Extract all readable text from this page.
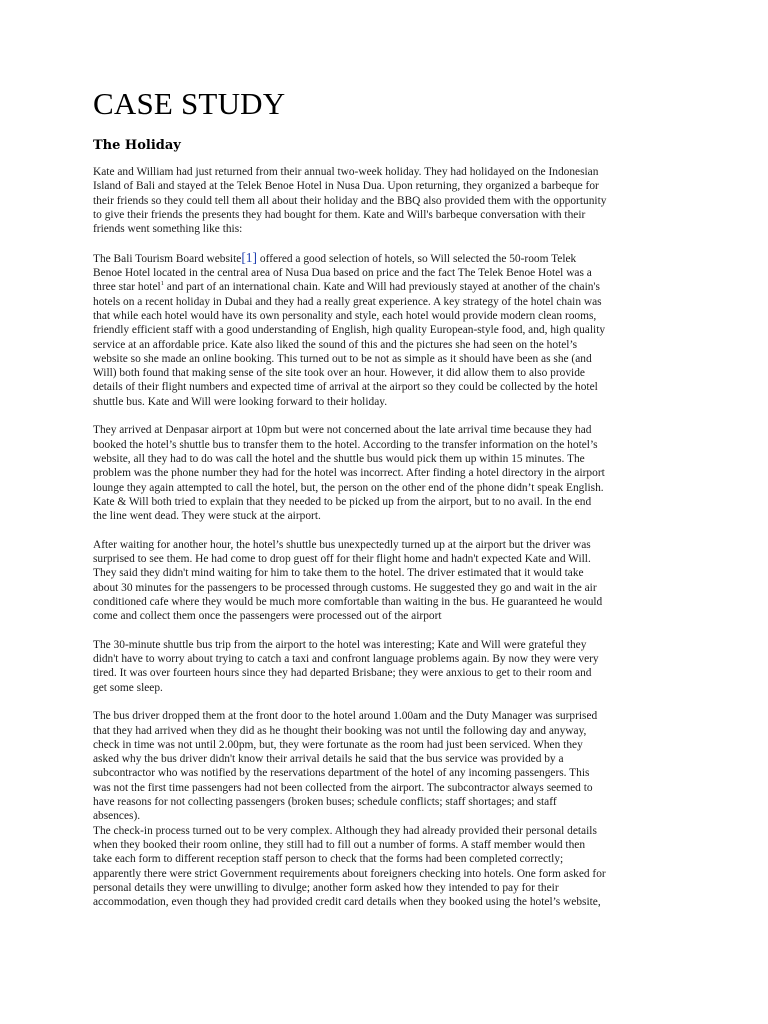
CASE STUDY
The Holiday

Kate and William had just returned from their annual two-week holiday. They had holidayed on the Indonesian
Island of Bali and stayed at the Telek Benoe Hotel in Nusa Dua. Upon returning, they organized a barbeque for
their friends so they could tell them all about their holiday and the BBQ also provided them with the opportunity
to give their friends the presents they had bought for them. Kate and Will's barbeque conversation with their
friends went something like this:

The Bali Tourism Board website[1] offered a good selection of hotels, so Will selected the 50-room Telek
Benoe Hotel located in the central area of Nusa Dua based on price and the fact The Telek Benoe Hotel was a
three star hotel$^1$ and part of an international chain. Kate and Will had previously stayed at another of the chain's
hotels on a recent holiday in Dubai and they had a really great experience. A key strategy of the hotel chain was
that while each hotel would have its own personality and style, each hotel would provide modern clean rooms,
friendly efficient staff with a good understanding of English, high quality European-style food, and, high quality
service at an affordable price. Kate also liked the sound of this and the pictures she had seen on the hotel’s
website so she made an online booking. This turned out to be not as simple as it should have been as she (and
Will) both found that making sense of the site took over an hour. However, it did allow them to also provide
details of their flight numbers and expected time of arrival at the airport so they could be collected by the hotel
shuttle bus. Kate and Will were looking forward to their holiday.

They arrived at Denpasar airport at 10pm but were not concerned about the late arrival time because they had
booked the hotel’s shuttle bus to transfer them to the hotel. According to the transfer information on the hotel’s
website, all they had to do was call the hotel and the shuttle bus would pick them up within 15 minutes. The
problem was the phone number they had for the hotel was incorrect. After finding a hotel directory in the airport
lounge they again attempted to call the hotel, but, the person on the other end of the phone didn’t speak English.
Kate & Will both tried to explain that they needed to be picked up from the airport, but to no avail. In the end
the line went dead. They were stuck at the airport.

After waiting for another hour, the hotel’s shuttle bus unexpectedly turned up at the airport but the driver was
surprised to see them. He had come to drop guest off for their flight home and hadn't expected Kate and Will.
They said they didn't mind waiting for him to take them to the hotel. The driver estimated that it would take
about 30 minutes for the passengers to be processed through customs. He suggested they go and wait in the air
conditioned cafe where they would be much more comfortable than waiting in the bus. He guaranteed he would
come and collect them once the passengers were processed out of the airport

The 30-minute shuttle bus trip from the airport to the hotel was interesting; Kate and Will were grateful they
didn't have to worry about trying to catch a taxi and confront language problems again. By now they were very
tired. It was over fourteen hours since they had departed Brisbane; they were anxious to get to their room and
get some sleep.

The bus driver dropped them at the front door to the hotel around 1.00am and the Duty Manager was surprised
that they had arrived when they did as he thought their booking was not until the following day and anyway,
check in time was not until 2.00pm, but, they were fortunate as the room had just been serviced. When they
asked why the bus driver didn't know their arrival details he said that the bus service was provided by a
subcontractor who was notified by the reservations department of the hotel of any incoming passengers. This
was not the first time passengers had not been collected from the airport. The subcontractor always seemed to
have reasons for not collecting passengers (broken buses; schedule conflicts; staff shortages; and staff
absences).

The check-in process turned out to be very complex. Although they had already provided their personal details
when they booked their room online, they still had to fill out a number of forms. A staff member would then
take each form to different reception staff person to check that the forms had been completed correctly;
apparently there were strict Government requirements about foreigners checking into hotels. One form asked for
personal details they were unwilling to divulge; another form asked how they intended to pay for their
accommodation, even though they had provided credit card details when they booked using the hotel’s website,
